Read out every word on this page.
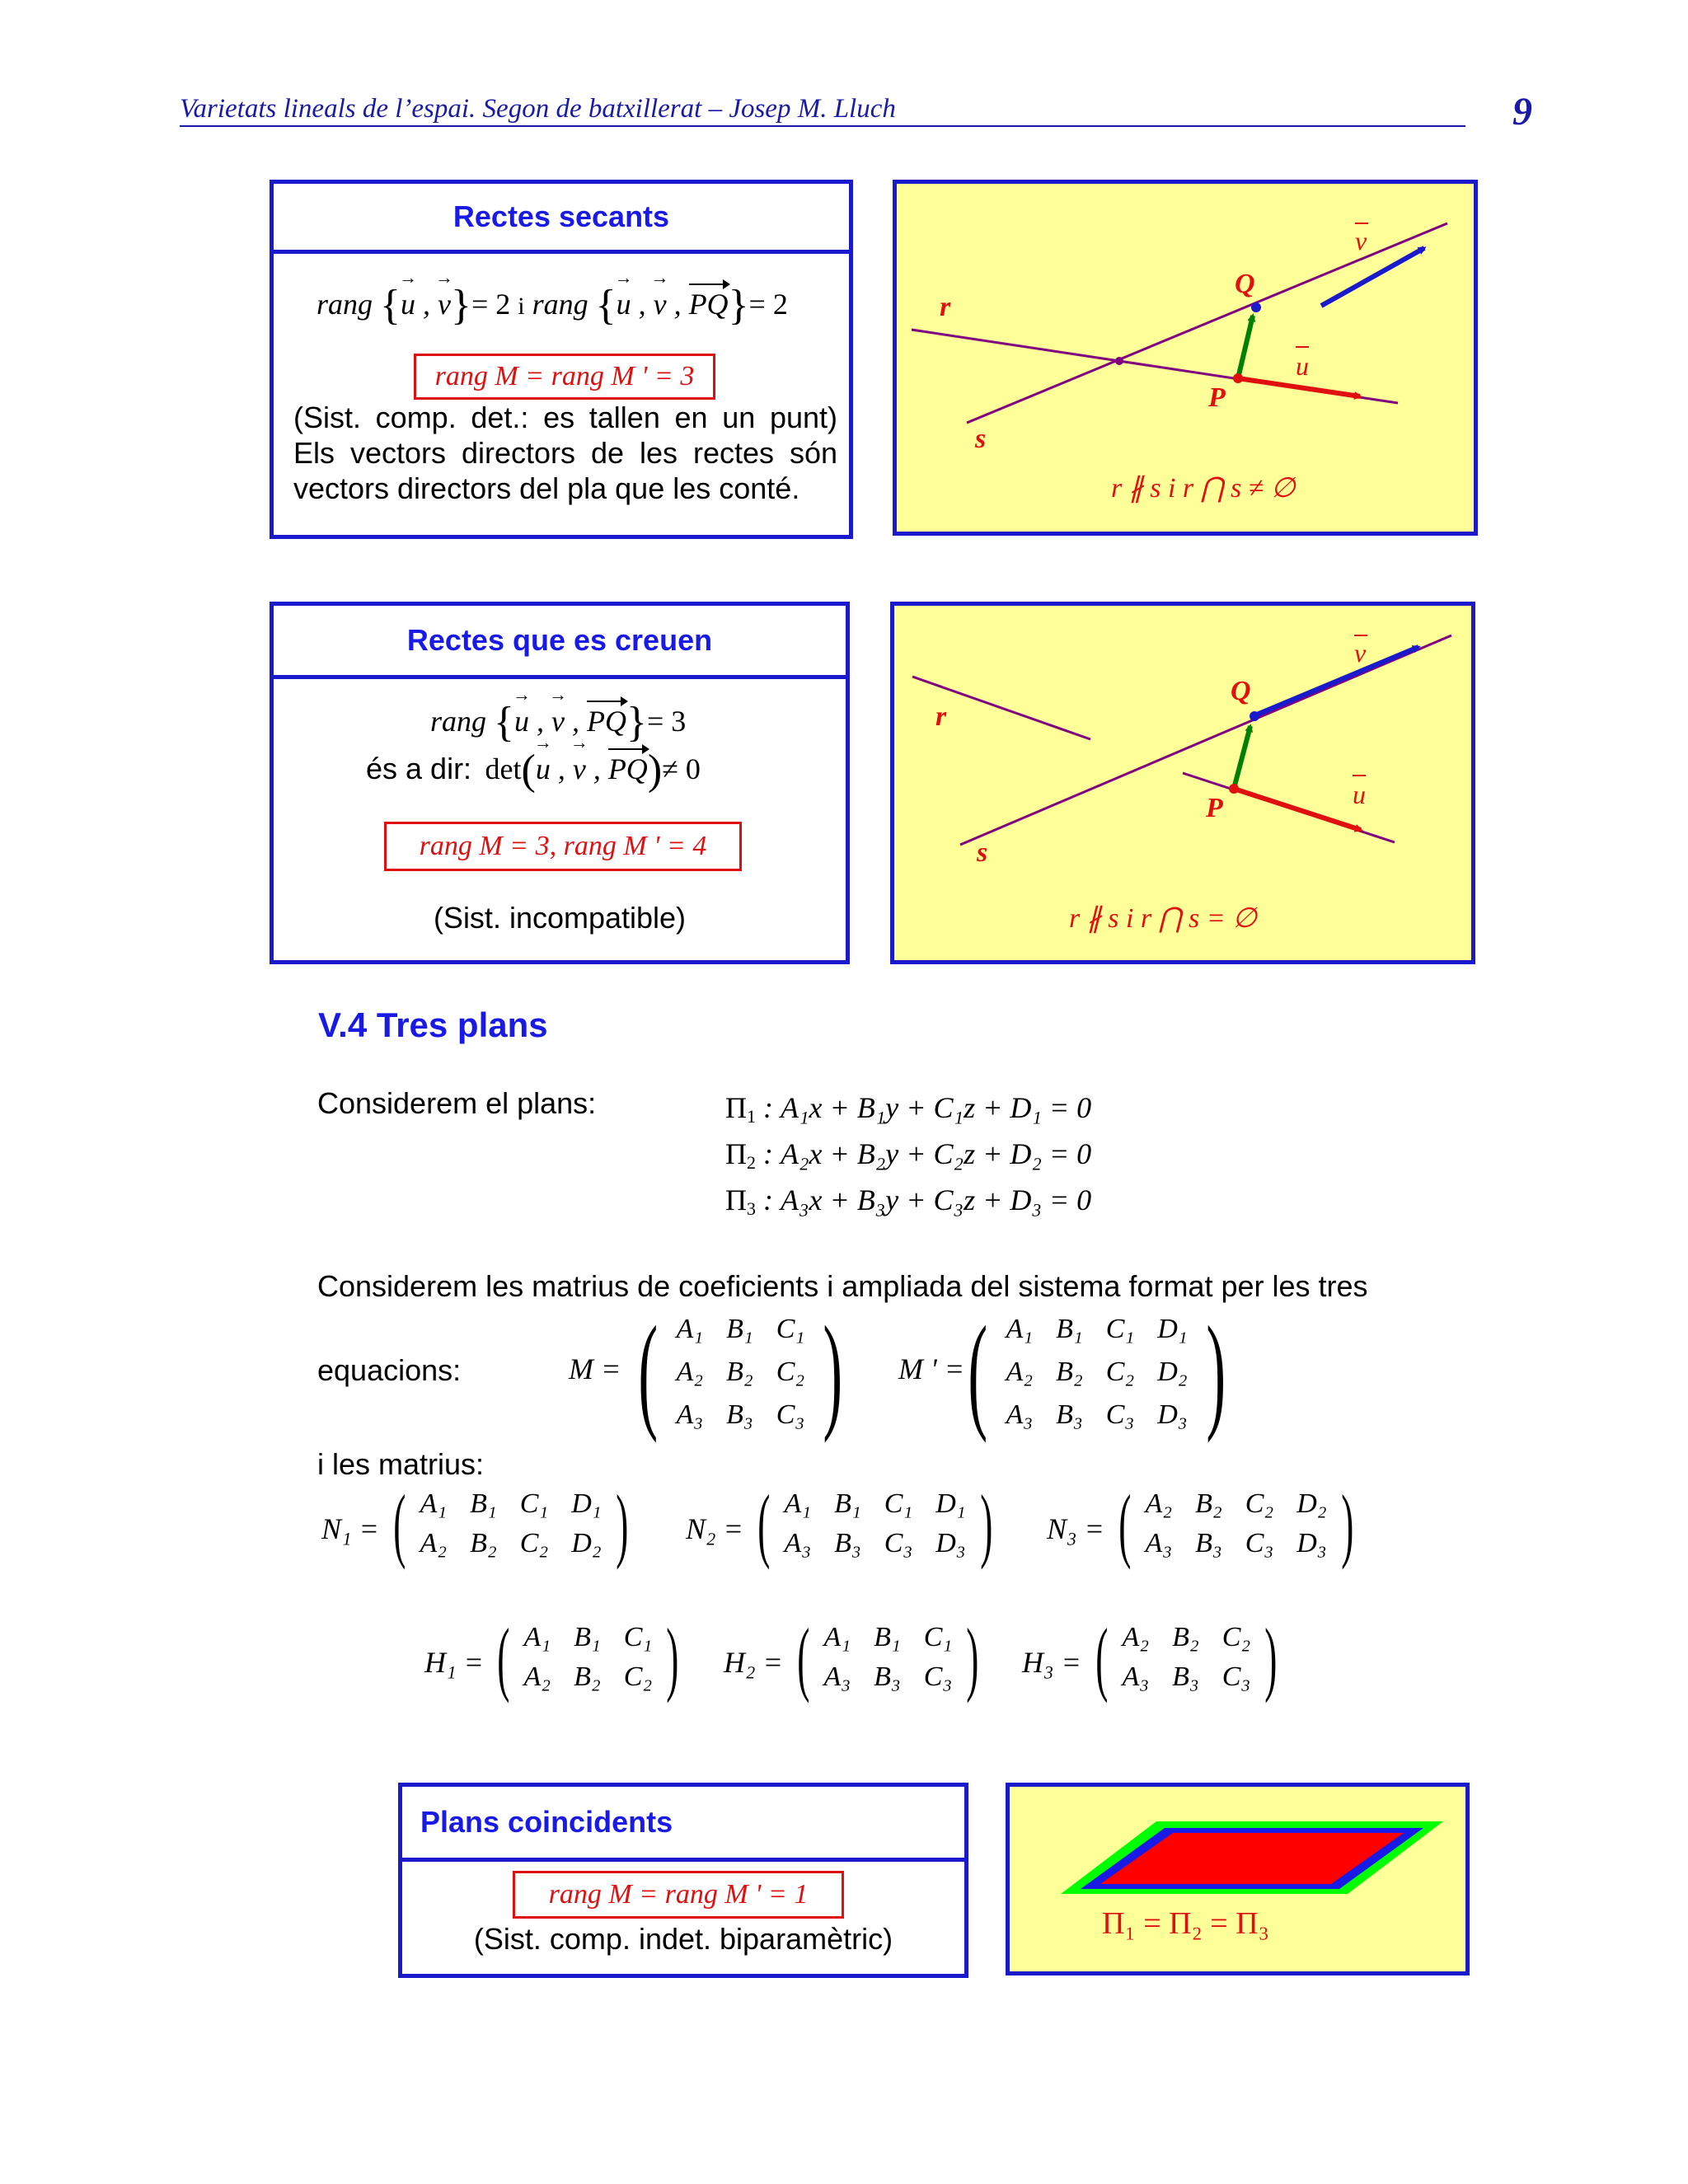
Varietats lineals de l’espai. Segon de batxillerat – Josep M. Lluch	9
Rectes secants
rang {→ u , → v}= 2 i rang {→ u , → v , PQ}= 2
rang M = rang M ' = 3
(Sist. comp. det.: es tallen en un punt) Els vectors directors de les rectes són vectors directors del pla que les conté.
r
s
P
Q
u
v
r ∦ s i r ⋂ s ≠ ∅
Rectes que es creuen
rang {→ u , → v , PQ}= 3
és a dir: det(→ u , → v , PQ)≠ 0
rang M = 3, rang M ' = 4
(Sist. incompatible)
r
s
P
Q
u
v
r ∦ s i r ⋂ s = ∅
V.4 Tres plans
Considerem el plans:	$\Pi_1$ : A₁x + B₁y + C₁z + D₁ = 0
$\Pi_2$ : A₂x + B₂y + C₂z + D₂ = 0
$\Pi_3$ : A₃x + B₃y + C₃z + D₃ = 0
Considerem les matrius de coeficients i ampliada del sistema format per les tres
equacions:	M = ( A₁ B₁ C₁
A₂ B₂ C₂
A₃ B₃ C₃ ) M ' = ( A₁ B₁ C₁ D₁
A₂ B₂ C₂ D₂
A₃ B₃ C₃ D₃ )
i les matrius:
N₁ = ( A₁ B₁ C₁ D₁
A₂ B₂ C₂ D₂ ) N₂ = ( A₁ B₁ C₁ D₁
A₃ B₃ C₃ D₃ ) N₃ = ( A₂ B₂ C₂ D₂
A₃ B₃ C₃ D₃ )
H₁ = ( A₁ B₁ C₁
A₂ B₂ C₂ ) H₂ = ( A₁ B₁ C₁
A₃ B₃ C₃ ) H₃ = ( A₂ B₂ C₂
A₃ B₃ C₃ )
Plans coincidents
rang M = rang M ' = 1
(Sist. comp. indet. biparamètric)	Π₁ = Π₂ = Π₃
